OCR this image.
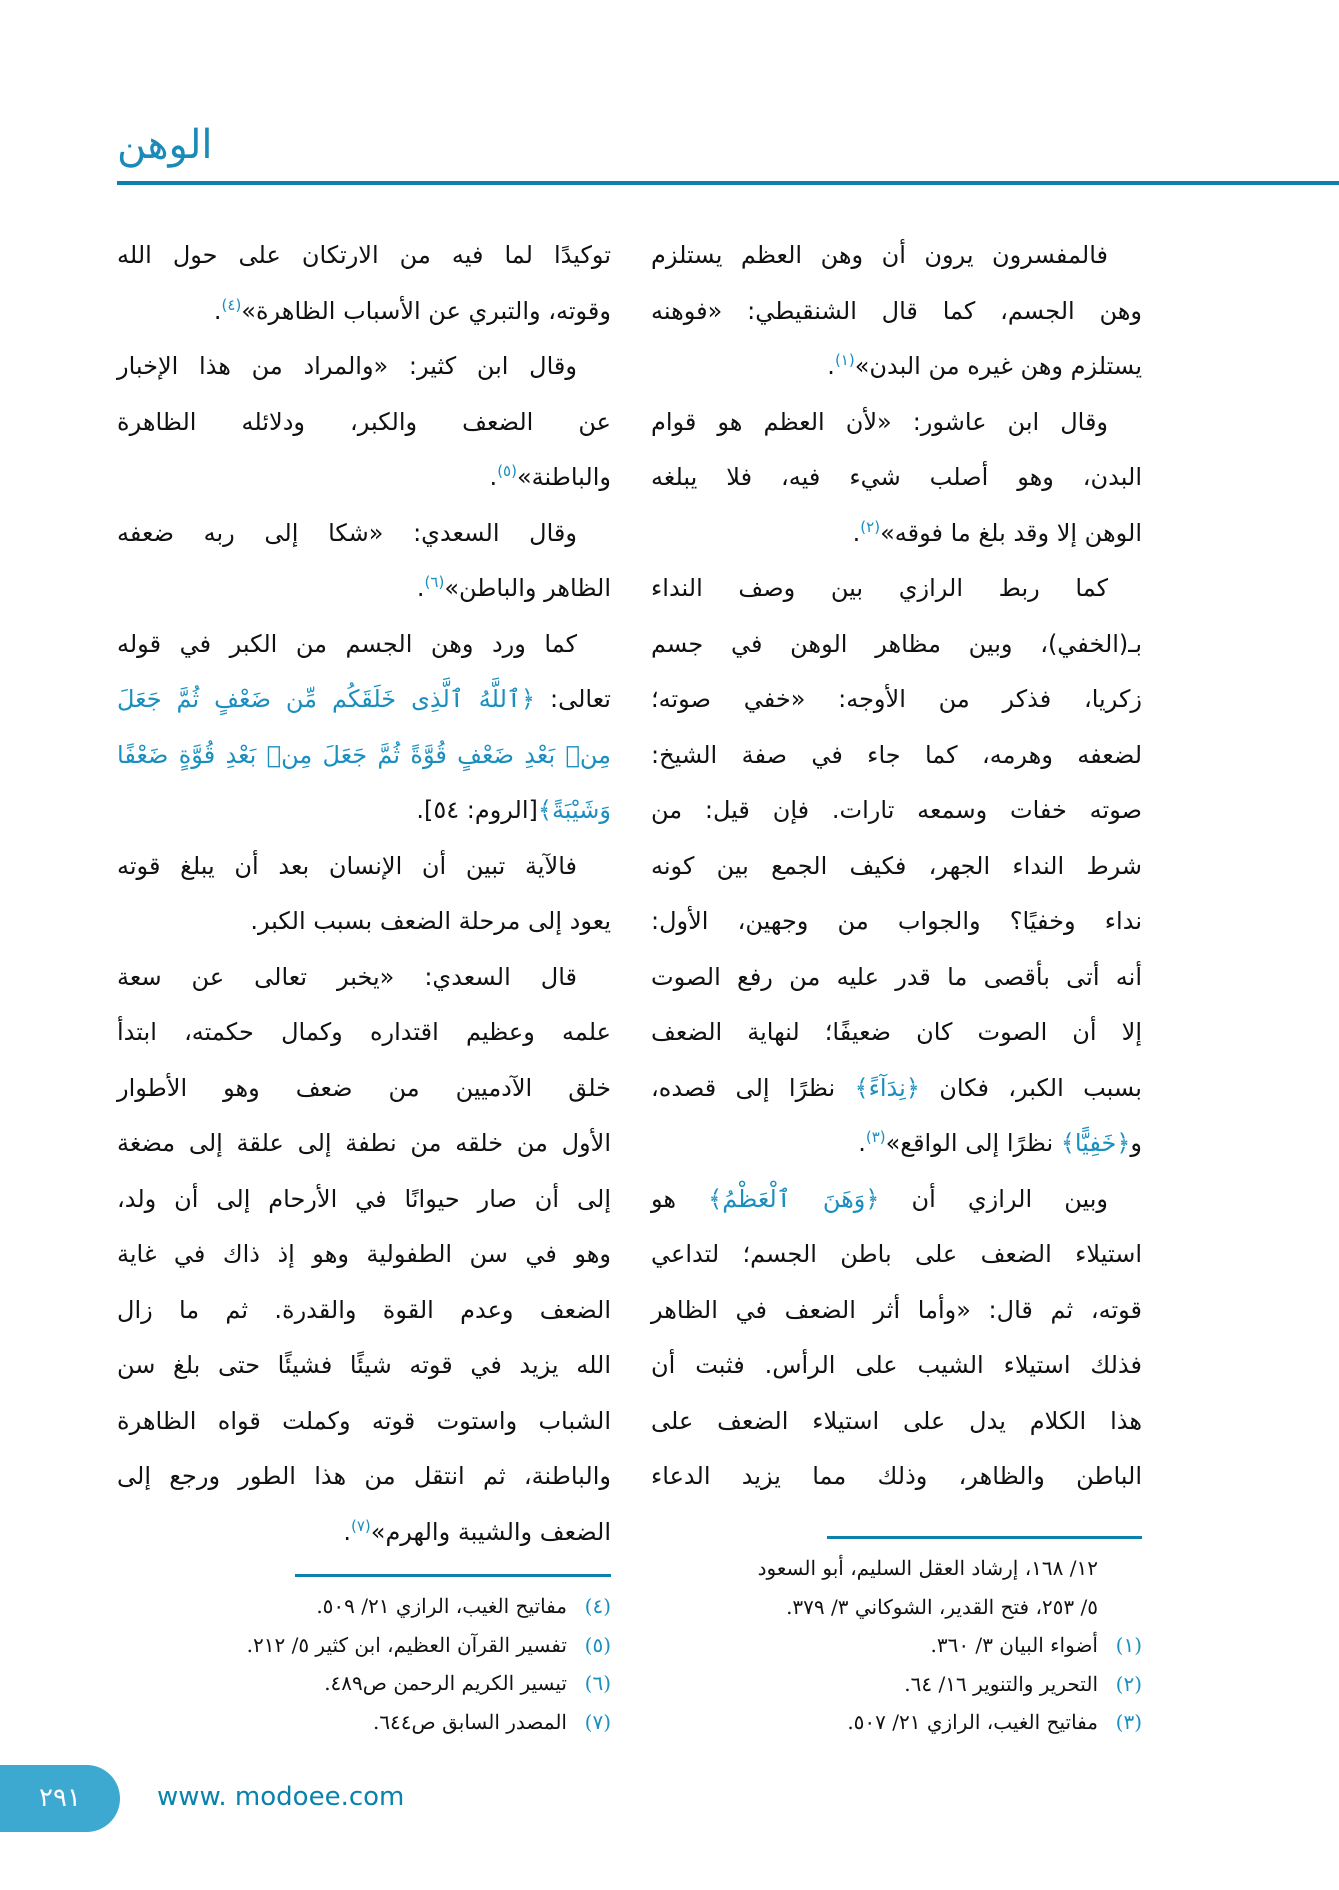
الوهن
فالمفسرون يرون أن وهن العظم يستلزم
وهن الجسم، كما قال الشنقيطي: «فوهنه
يستلزم وهن غيره من البدن»$^{(١)}$.
وقال ابن عاشور: «لأن العظم هو قوام
البدن، وهو أصلب شيء فيه، فلا يبلغه
الوهن إلا وقد بلغ ما فوقه»$^{(٢)}$.
كما ربط الرازي بين وصف النداء
بـ(الخفي)، وبين مظاهر الوهن في جسم
زكريا، فذكر من الأوجه: «خفي صوته؛
لضعفه وهرمه، كما جاء في صفة الشيخ:
صوته خفات وسمعه تارات. فإن قيل: من
شرط النداء الجهر، فكيف الجمع بين كونه
نداء وخفيًا؟ والجواب من وجهين، الأول:
أنه أتى بأقصى ما قدر عليه من رفع الصوت
إلا أن الصوت كان ضعيفًا؛ لنهاية الضعف
بسبب الكبر، فكان ﴿نِدَآءً﴾ نظرًا إلى قصده،
و﴿خَفِيًّا﴾ نظرًا إلى الواقع»$^{(٣)}$.
وبين الرازي أن ﴿وَهَنَ ٱلْعَظْمُ﴾ هو
استيلاء الضعف على باطن الجسم؛ لتداعي
قوته، ثم قال: «وأما أثر الضعف في الظاهر
فذلك استيلاء الشيب على الرأس. فثبت أن
هذا الكلام يدل على استيلاء الضعف على
الباطن والظاهر، وذلك مما يزيد الدعاء
توكيدًا لما فيه من الارتكان على حول الله
وقوته، والتبري عن الأسباب الظاهرة»$^{(٤)}$.
وقال ابن كثير: «والمراد من هذا الإخبار
عن الضعف والكبر، ودلائله الظاهرة
والباطنة»$^{(٥)}$.
وقال السعدي: «شكا إلى ربه ضعفه
الظاهر والباطن»$^{(٦)}$.
كما ورد وهن الجسم من الكبر في قوله
تعالى: ﴿ٱللَّهُ ٱلَّذِى خَلَقَكُم مِّن ضَعْفٍ ثُمَّ جَعَلَ
مِنۢ بَعْدِ ضَعْفٍ قُوَّةً ثُمَّ جَعَلَ مِنۢ بَعْدِ قُوَّةٍ ضَعْفًا
وَشَيْبَةً﴾[الروم: ٥٤].
فالآية تبين أن الإنسان بعد أن يبلغ قوته
يعود إلى مرحلة الضعف بسبب الكبر.
قال السعدي: «يخبر تعالى عن سعة
علمه وعظيم اقتداره وكمال حكمته، ابتدأ
خلق الآدميين من ضعف وهو الأطوار
الأول من خلقه من نطفة إلى علقة إلى مضغة
إلى أن صار حيوانًا في الأرحام إلى أن ولد،
وهو في سن الطفولية وهو إذ ذاك في غاية
الضعف وعدم القوة والقدرة. ثم ما زال
الله يزيد في قوته شيئًا فشيئًا حتى بلغ سن
الشباب واستوت قوته وكملت قواه الظاهرة
والباطنة، ثم انتقل من هذا الطور ورجع إلى
الضعف والشيبة والهرم»$^{(٧)}$.
١٢/ ١٦٨، إرشاد العقل السليم، أبو السعود
٥/ ٢٥٣، فتح القدير، الشوكاني ٣/ ٣٧٩.
(١)أضواء البيان ٣/ ٣٦٠.
(٢)التحرير والتنوير ١٦/ ٦٤.
(٣)مفاتيح الغيب، الرازي ٢١/ ٥٠٧.
(٤)مفاتيح الغيب، الرازي ٢١/ ٥٠٩.
(٥)تفسير القرآن العظيم، ابن كثير ٥/ ٢١٢.
(٦)تيسير الكريم الرحمن ص٤٨٩.
(٧)المصدر السابق ص٦٤٤.
٢٩١	www. modoee.com
